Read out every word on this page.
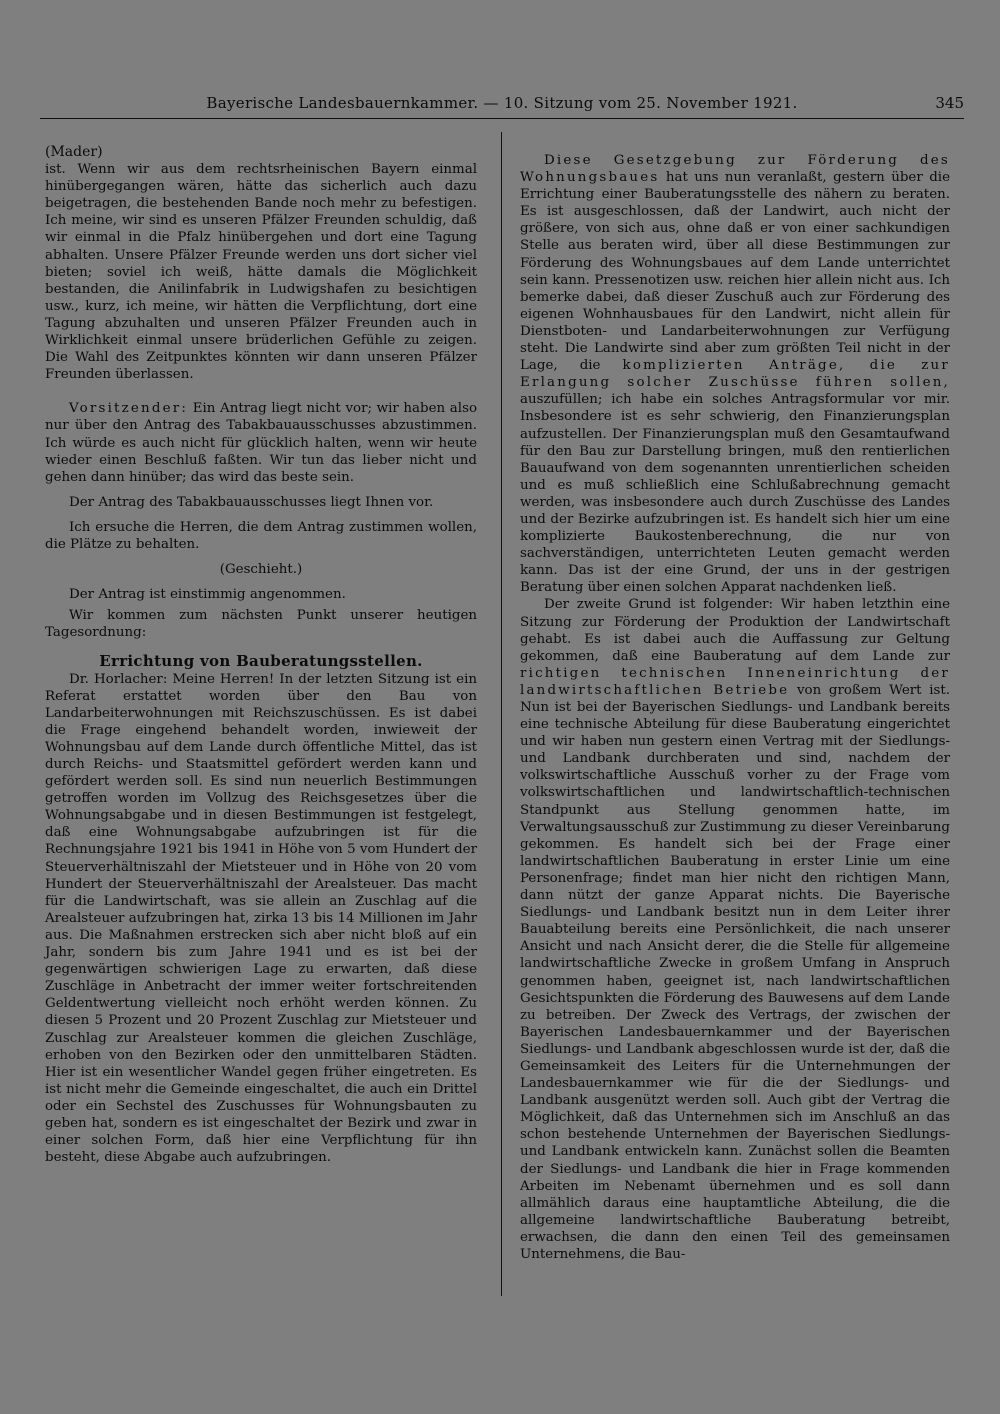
Bayerische Landesbauernkammer. — 10. Sitzung vom 25. November 1921.	345

(Mader)

ist. Wenn wir aus dem rechtsrheinischen Bayern einmal hinübergegangen wären, hätte das sicherlich auch dazu beigetragen, die bestehenden Bande noch mehr zu befestigen. Ich meine, wir sind es unseren Pfälzer Freunden schuldig, daß wir einmal in die Pfalz hinübergehen und dort eine Tagung abhalten. Unsere Pfälzer Freunde werden uns dort sicher viel bieten; soviel ich weiß, hätte damals die Möglichkeit bestanden, die Anilinfabrik in Ludwigshafen zu besichtigen usw., kurz, ich meine, wir hätten die Verpflichtung, dort eine Tagung abzuhalten und unseren Pfälzer Freunden auch in Wirklichkeit einmal unsere brüderlichen Gefühle zu zeigen. Die Wahl des Zeitpunktes könnten wir dann unseren Pfälzer Freunden überlassen.

Vorsitzender: Ein Antrag liegt nicht vor; wir haben also nur über den Antrag des Tabakbauausschusses abzustimmen. Ich würde es auch nicht für glücklich halten, wenn wir heute wieder einen Beschluß faßten. Wir tun das lieber nicht und gehen dann hinüber; das wird das beste sein.

Der Antrag des Tabakbauausschusses liegt Ihnen vor.

Ich ersuche die Herren, die dem Antrag zustimmen wollen, die Plätze zu behalten.

(Geschieht.)

Der Antrag ist einstimmig angenommen.

Wir kommen zum nächsten Punkt unserer heutigen Tagesordnung:

Errichtung von Bauberatungsstellen.

Dr. Horlacher: Meine Herren! In der letzten Sitzung ist ein Referat erstattet worden über den Bau von Landarbeiterwohnungen mit Reichszuschüssen. Es ist dabei die Frage eingehend behandelt worden, inwieweit der Wohnungsbau auf dem Lande durch öffentliche Mittel, das ist durch Reichs- und Staatsmittel gefördert werden kann und gefördert werden soll. Es sind nun neuerlich Bestimmungen getroffen worden im Vollzug des Reichsgesetzes über die Wohnungsabgabe und in diesen Bestimmungen ist festgelegt, daß eine Wohnungsabgabe aufzubringen ist für die Rechnungsjahre 1921 bis 1941 in Höhe von 5 vom Hundert der Steuerverhältniszahl der Mietsteuer und in Höhe von 20 vom Hundert der Steuerverhältniszahl der Arealsteuer. Das macht für die Landwirtschaft, was sie allein an Zuschlag auf die Arealsteuer aufzubringen hat, zirka 13 bis 14 Millionen im Jahr aus. Die Maßnahmen erstrecken sich aber nicht bloß auf ein Jahr, sondern bis zum Jahre 1941 und es ist bei der gegenwärtigen schwierigen Lage zu erwarten, daß diese Zuschläge in Anbetracht der immer weiter fortschreitenden Geldentwertung vielleicht noch erhöht werden können. Zu diesen 5 Prozent und 20 Prozent Zuschlag zur Mietsteuer und Zuschlag zur Arealsteuer kommen die gleichen Zuschläge, erhoben von den Bezirken oder den unmittelbaren Städten. Hier ist ein wesentlicher Wandel gegen früher eingetreten. Es ist nicht mehr die Gemeinde eingeschaltet, die auch ein Drittel oder ein Sechstel des Zuschusses für Wohnungsbauten zu geben hat, sondern es ist eingeschaltet der Bezirk und zwar in einer solchen Form, daß hier eine Verpflichtung für ihn besteht, diese Abgabe auch aufzubringen.

Diese Gesetzgebung zur Förderung des Wohnungsbaues hat uns nun veranlaßt, gestern über die Errichtung einer Bauberatungsstelle des nähern zu beraten. Es ist ausgeschlossen, daß der Landwirt, auch nicht der größere, von sich aus, ohne daß er von einer sachkundigen Stelle aus beraten wird, über all diese Bestimmungen zur Förderung des Wohnungsbaues auf dem Lande unterrichtet sein kann. Pressenotizen usw. reichen hier allein nicht aus. Ich bemerke dabei, daß dieser Zuschuß auch zur Förderung des eigenen Wohnhausbaues für den Landwirt, nicht allein für Dienstboten- und Landarbeiterwohnungen zur Verfügung steht. Die Landwirte sind aber zum größten Teil nicht in der Lage, die komplizierten Anträge, die zur Erlangung solcher Zuschüsse führen sollen, auszufüllen; ich habe ein solches Antragsformular vor mir. Insbesondere ist es sehr schwierig, den Finanzierungsplan aufzustellen. Der Finanzierungsplan muß den Gesamtaufwand für den Bau zur Darstellung bringen, muß den rentierlichen Bauaufwand von dem sogenannten unrentierlichen scheiden und es muß schließlich eine Schlußabrechnung gemacht werden, was insbesondere auch durch Zuschüsse des Landes und der Bezirke aufzubringen ist. Es handelt sich hier um eine komplizierte Baukostenberechnung, die nur von sachverständigen, unterrichteten Leuten gemacht werden kann. Das ist der eine Grund, der uns in der gestrigen Beratung über einen solchen Apparat nachdenken ließ.

Der zweite Grund ist folgender: Wir haben letzthin eine Sitzung zur Förderung der Produktion der Landwirtschaft gehabt. Es ist dabei auch die Auffassung zur Geltung gekommen, daß eine Bauberatung auf dem Lande zur richtigen technischen Inneneinrichtung der landwirtschaftlichen Betriebe von großem Wert ist. Nun ist bei der Bayerischen Siedlungs- und Landbank bereits eine technische Abteilung für diese Bauberatung eingerichtet und wir haben nun gestern einen Vertrag mit der Siedlungs- und Landbank durchberaten und sind, nachdem der volkswirtschaftliche Ausschuß vorher zu der Frage vom volkswirtschaftlichen und landwirtschaftlich-technischen Standpunkt aus Stellung genommen hatte, im Verwaltungsausschuß zur Zustimmung zu dieser Vereinbarung gekommen. Es handelt sich bei der Frage einer landwirtschaftlichen Bauberatung in erster Linie um eine Personenfrage; findet man hier nicht den richtigen Mann, dann nützt der ganze Apparat nichts. Die Bayerische Siedlungs- und Landbank besitzt nun in dem Leiter ihrer Bauabteilung bereits eine Persönlichkeit, die nach unserer Ansicht und nach Ansicht derer, die die Stelle für allgemeine landwirtschaftliche Zwecke in großem Umfang in Anspruch genommen haben, geeignet ist, nach landwirtschaftlichen Gesichtspunkten die Förderung des Bauwesens auf dem Lande zu betreiben. Der Zweck des Vertrags, der zwischen der Bayerischen Landesbauernkammer und der Bayerischen Siedlungs- und Landbank abgeschlossen wurde ist der, daß die Gemeinsamkeit des Leiters für die Unternehmungen der Landesbauernkammer wie für die der Siedlungs- und Landbank ausgenützt werden soll. Auch gibt der Vertrag die Möglichkeit, daß das Unternehmen sich im Anschluß an das schon bestehende Unternehmen der Bayerischen Siedlungs- und Landbank entwickeln kann. Zunächst sollen die Beamten der Siedlungs- und Landbank die hier in Frage kommenden Arbeiten im Nebenamt übernehmen und es soll dann allmählich daraus eine hauptamtliche Abteilung, die die allgemeine landwirtschaftliche Bauberatung betreibt, erwachsen, die dann den einen Teil des gemeinsamen Unternehmens, die Bau-
